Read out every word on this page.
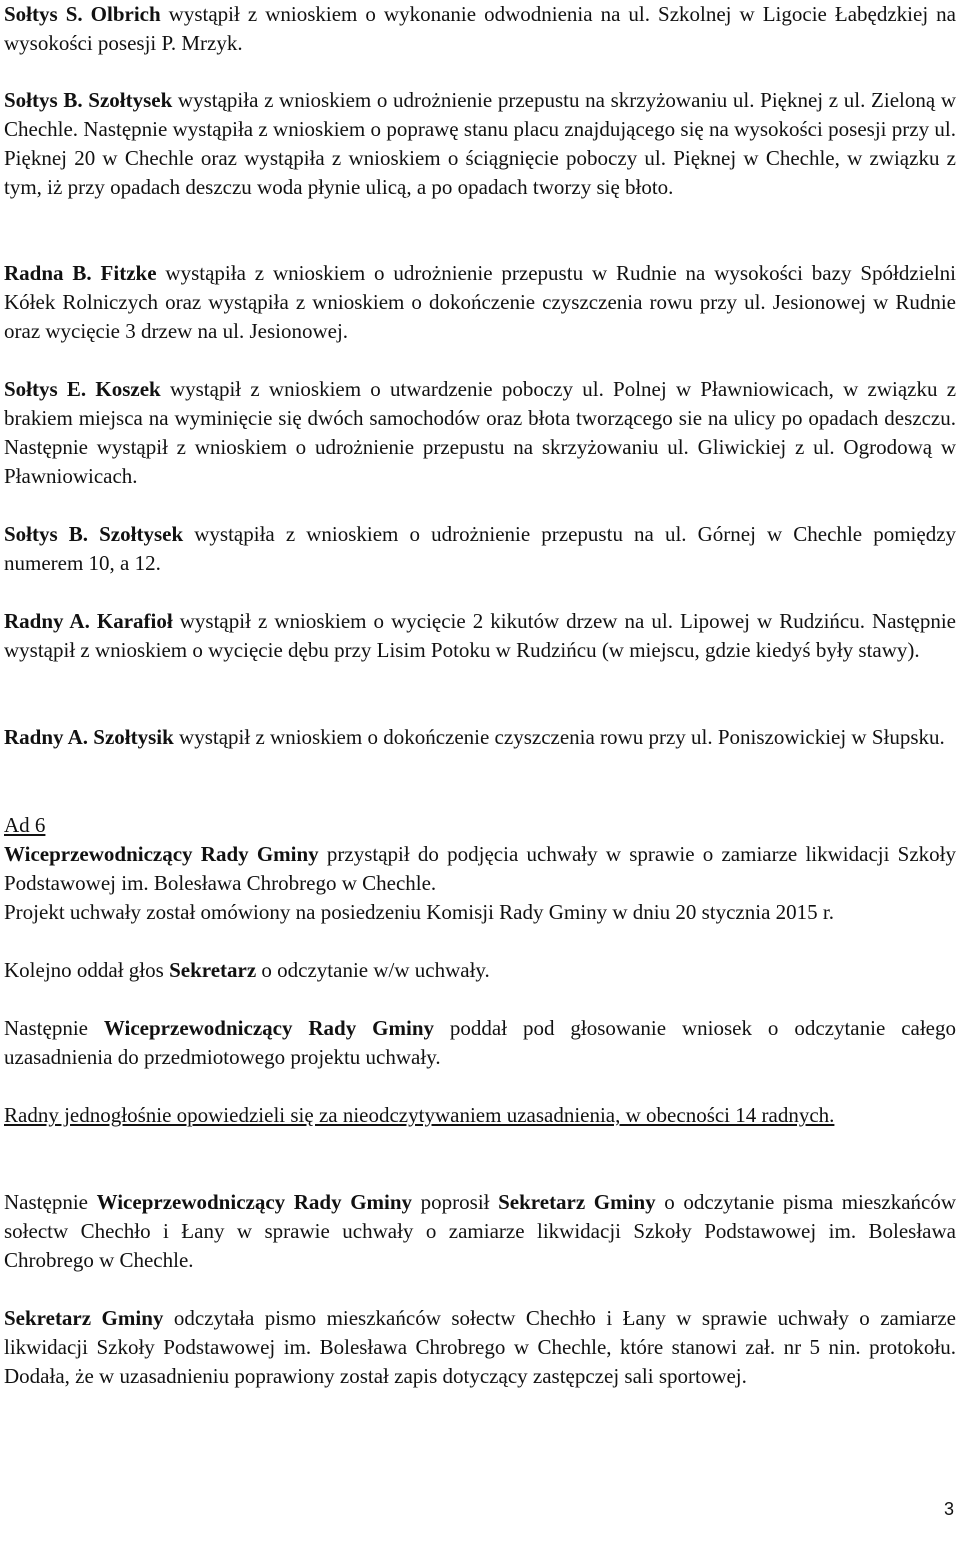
Sołtys S. Olbrich wystąpił z wnioskiem o wykonanie odwodnienia na ul. Szkolnej w Ligocie Łabędzkiej na wysokości posesji P. Mrzyk.

Sołtys B. Szołtysek wystąpiła z wnioskiem o udrożnienie przepustu na skrzyżowaniu ul. Pięknej z ul. Zieloną w Chechle. Następnie wystąpiła z wnioskiem o poprawę stanu placu znajdującego się na wysokości posesji przy ul. Pięknej 20 w Chechle oraz wystąpiła z wnioskiem o ściągnięcie poboczy ul. Pięknej w Chechle, w związku z tym, iż przy opadach deszczu woda płynie ulicą, a po opadach tworzy się błoto.

Radna B. Fitzke wystąpiła z wnioskiem o udrożnienie przepustu w Rudnie na wysokości bazy Spółdzielni Kółek Rolniczych oraz wystąpiła z wnioskiem o dokończenie czyszczenia rowu przy ul. Jesionowej w Rudnie oraz wycięcie 3 drzew na ul. Jesionowej.

Sołtys E. Koszek wystąpił z wnioskiem o utwardzenie poboczy ul. Polnej w Pławniowicach, w związku z brakiem miejsca na wyminięcie się dwóch samochodów oraz błota tworzącego sie na ulicy po opadach deszczu. Następnie wystąpił z wnioskiem o udrożnienie przepustu na skrzyżowaniu ul. Gliwickiej z ul. Ogrodową w Pławniowicach.

Sołtys B. Szołtysek wystąpiła z wnioskiem o udrożnienie przepustu na ul. Górnej w Chechle pomiędzy numerem 10, a 12.

Radny A. Karafioł wystąpił z wnioskiem o wycięcie 2 kikutów drzew na ul. Lipowej w Rudzińcu. Następnie wystąpił z wnioskiem o wycięcie dębu przy Lisim Potoku w Rudzińcu (w miejscu, gdzie kiedyś były stawy).

Radny A. Szołtysik wystąpił z wnioskiem o dokończenie czyszczenia rowu przy ul. Poniszowickiej w Słupsku.

Ad 6

Wiceprzewodniczący Rady Gminy przystąpił do podjęcia uchwały w sprawie o zamiarze likwidacji Szkoły Podstawowej im. Bolesława Chrobrego w Chechle.

Projekt uchwały został omówiony na posiedzeniu Komisji Rady Gminy w dniu 20 stycznia 2015 r.

Kolejno oddał głos Sekretarz o odczytanie w/w uchwały.

Następnie Wiceprzewodniczący Rady Gminy poddał pod głosowanie wniosek o odczytanie całego uzasadnienia do przedmiotowego projektu uchwały.

Radny jednogłośnie opowiedzieli się za nieodczytywaniem uzasadnienia, w obecności 14 radnych.

Następnie Wiceprzewodniczący Rady Gminy poprosił Sekretarz Gminy o odczytanie pisma mieszkańców sołectw Chechło i Łany w sprawie uchwały o zamiarze likwidacji Szkoły Podstawowej im. Bolesława Chrobrego w Chechle.

Sekretarz Gminy odczytała pismo mieszkańców sołectw Chechło i Łany w sprawie uchwały o zamiarze likwidacji Szkoły Podstawowej im. Bolesława Chrobrego w Chechle, które stanowi zał. nr 5 nin. protokołu. Dodała, że w uzasadnieniu poprawiony został zapis dotyczący zastępczej sali sportowej.

3
